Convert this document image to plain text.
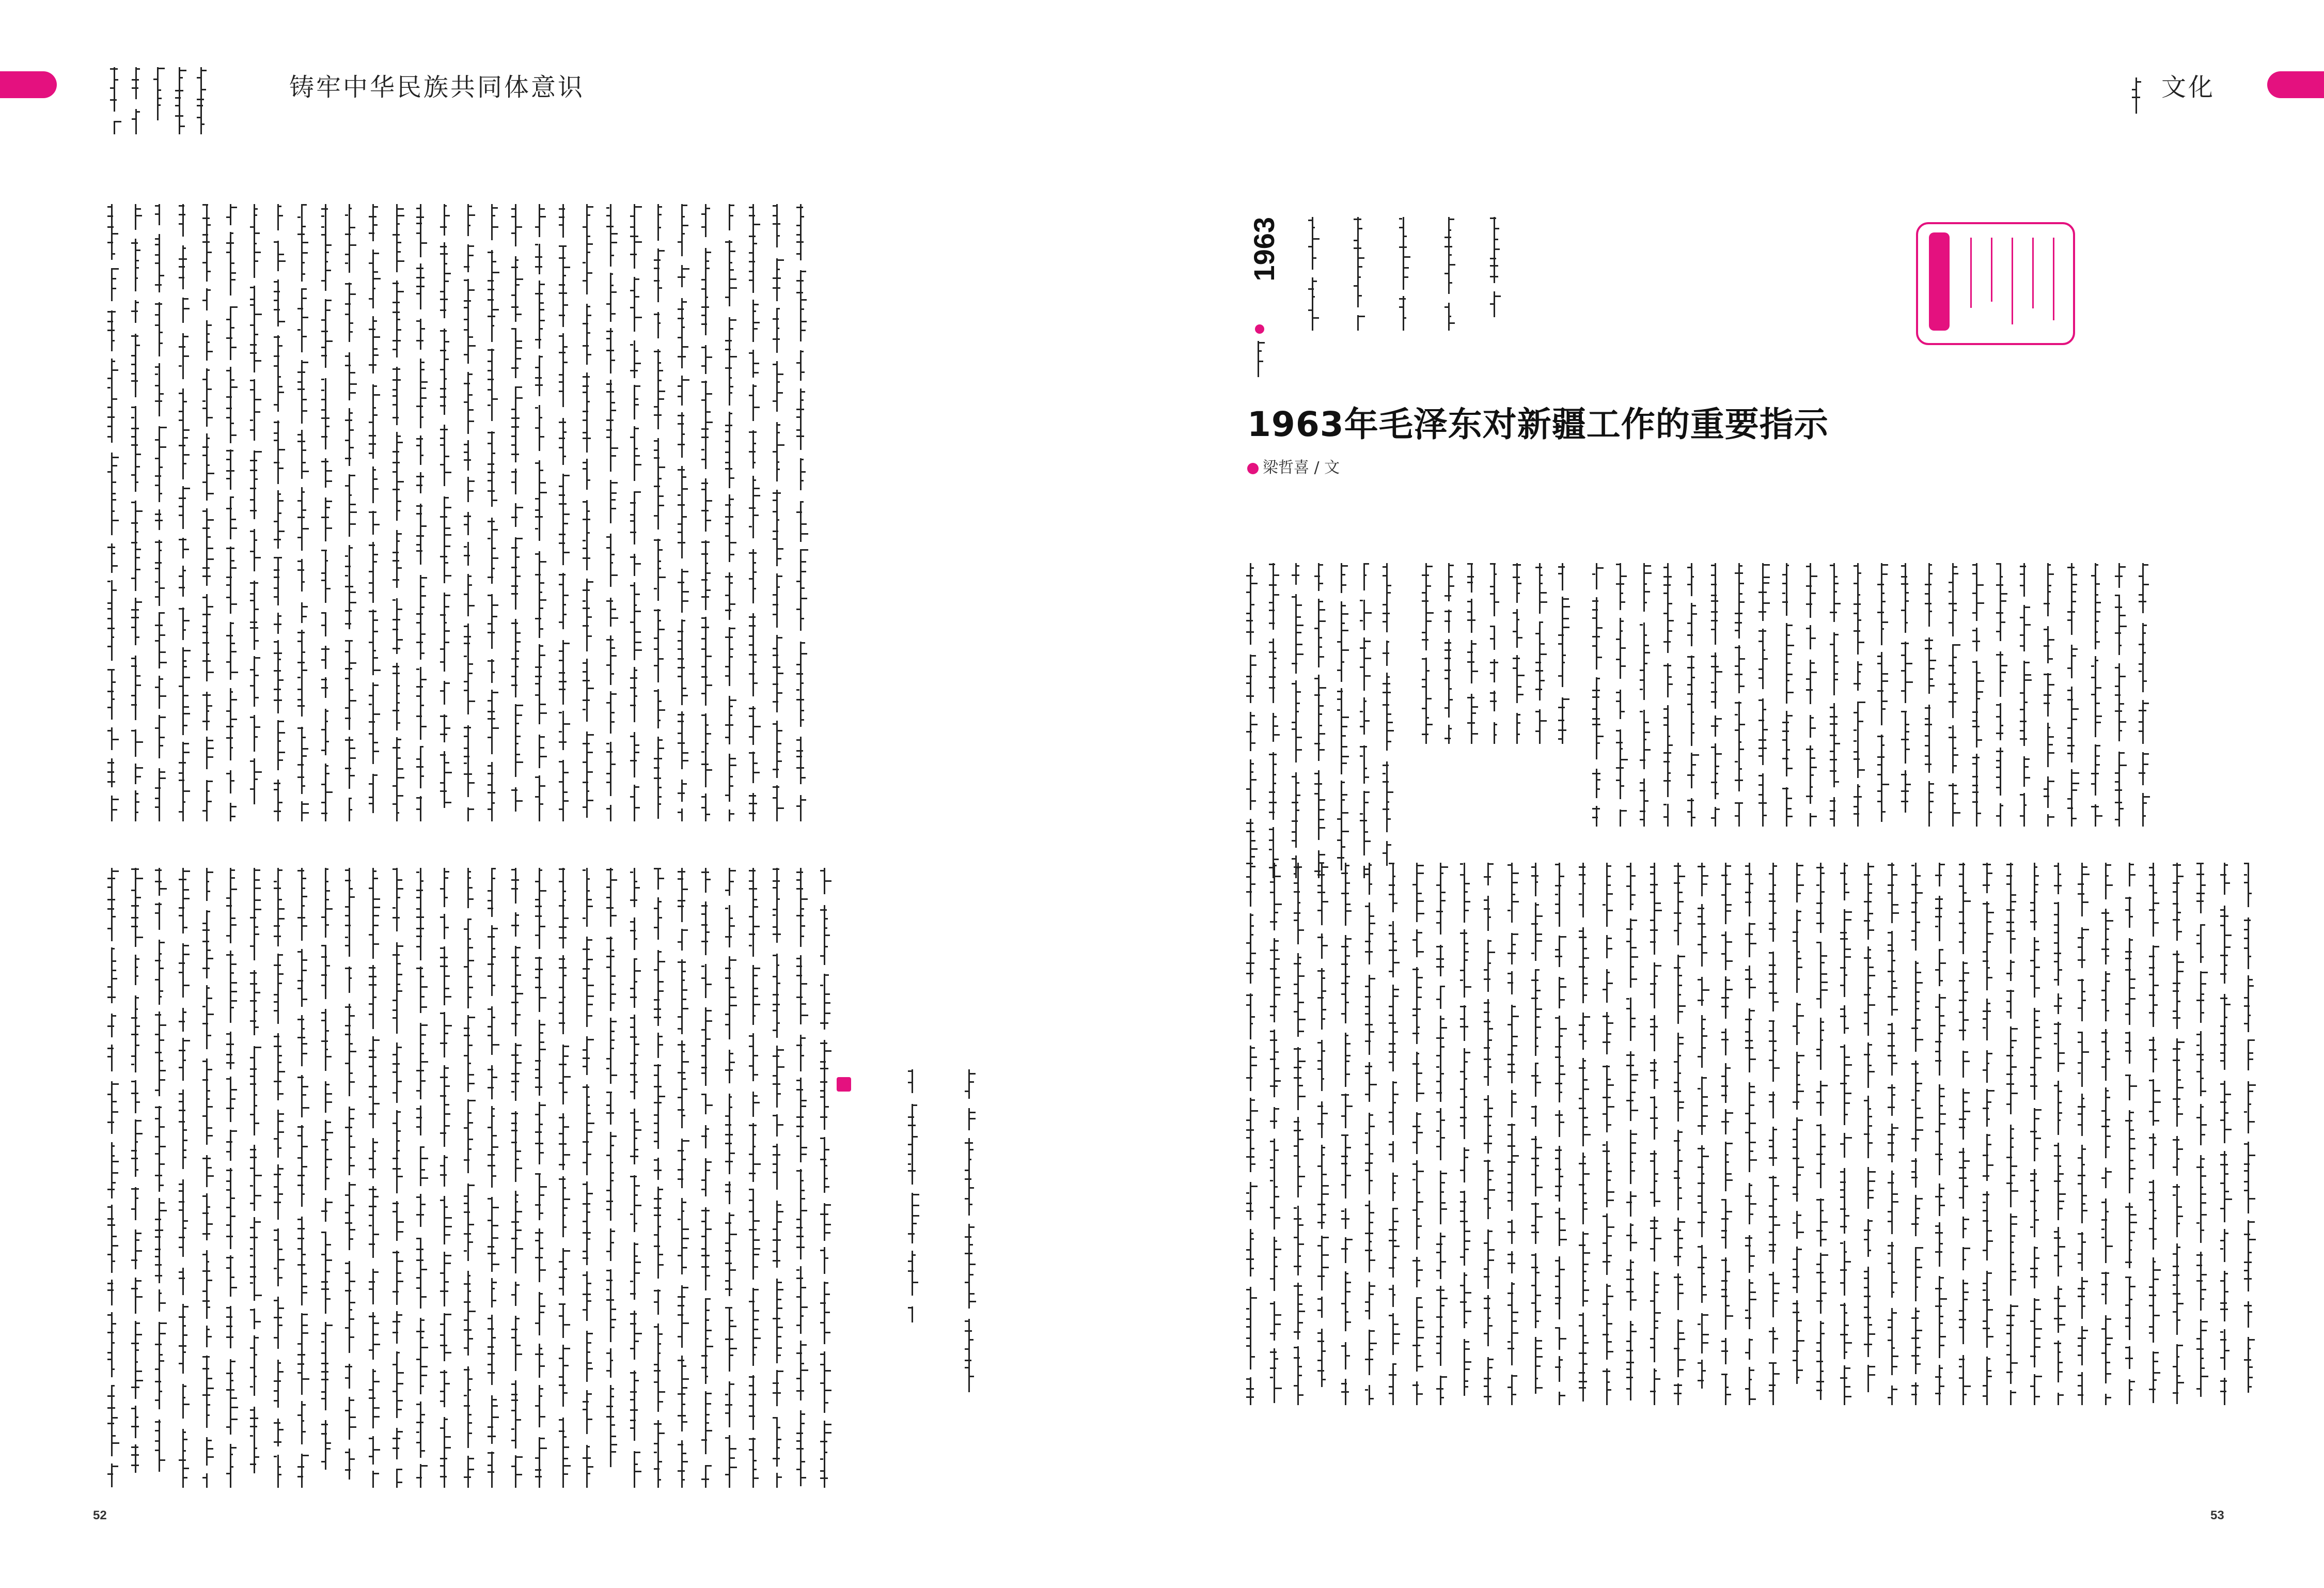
铸牢中华民族共同体意识
52
文化
1963
1963年毛泽东对新疆工作的重要指示
梁哲喜 / 文
53
